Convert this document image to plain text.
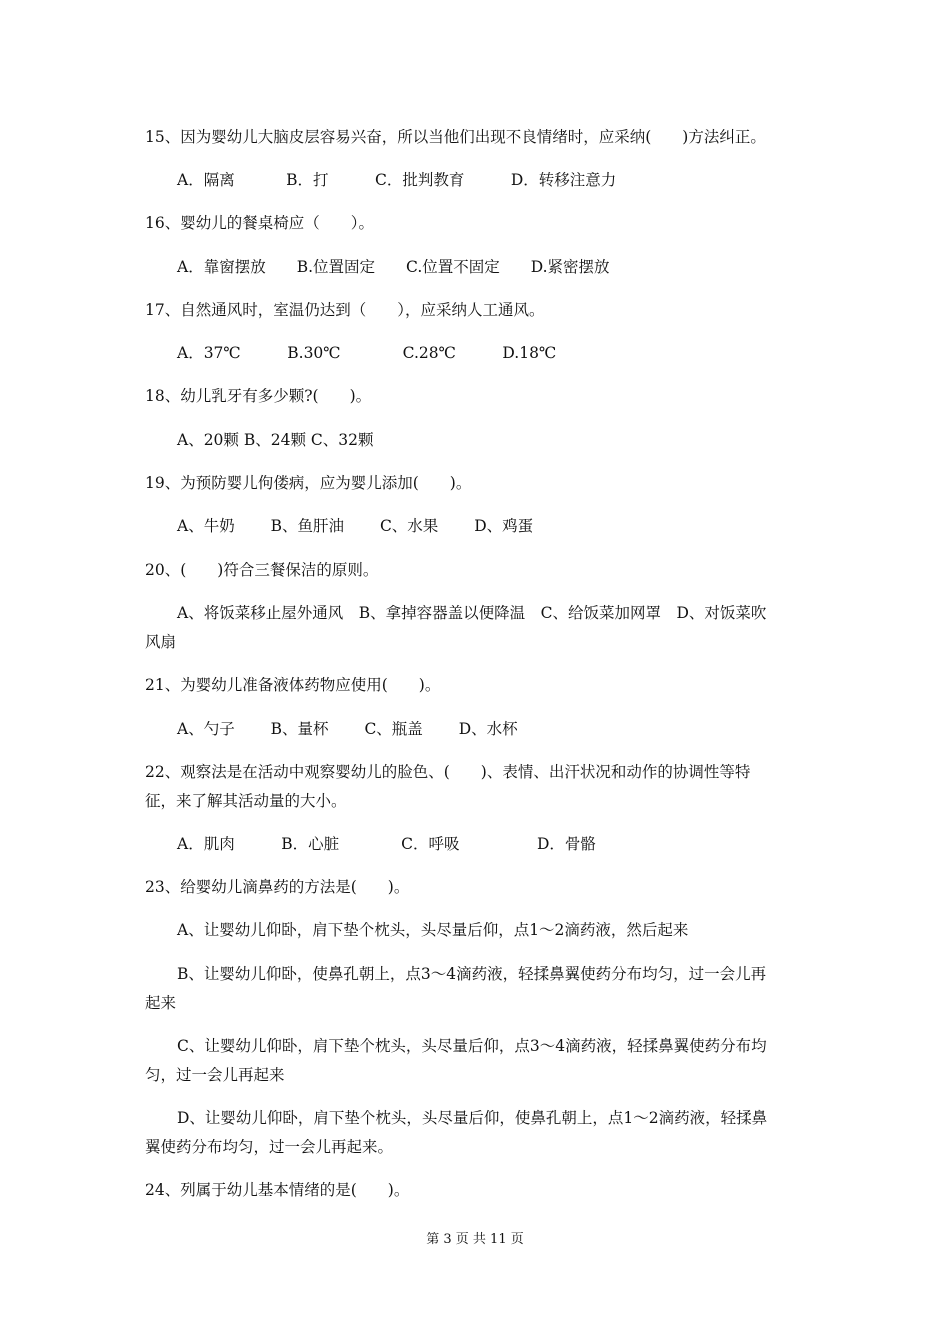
15、因为婴幼儿大脑皮层容易兴奋，所以当他们出现不良情绪时，应采纳(　　)方法纠正。
A．隔离　　　 B．打　　　C．批判教育　　　D．转移注意力
16、婴幼儿的餐桌椅应（　　）。
A．靠窗摆放　　B.位置固定　　C.位置不固定　　D.紧密摆放
17、自然通风时，室温仍达到（　　），应采纳人工通风。
A．37℃　　　B.30℃　　　　C.28℃　　　D.18℃
18、幼儿乳牙有多少颗?(　　)。
A、20颗 B、24颗 C、32颗
19、为预防婴儿佝偻病，应为婴儿添加(　　)。
A、牛奶　　 B、鱼肝油　　 C、水果　　 D、鸡蛋
20、(　　)符合三餐保洁的原则。
A、将饭菜移止屋外通风　B、拿掉容器盖以便降温　C、给饭菜加网罩　D、对饭菜吹
风扇
21、为婴幼儿准备液体药物应使用(　　)。
A、勺子　　 B、量杯　　 C、瓶盖　　 D、水杯
22、观察法是在活动中观察婴幼儿的脸色、(　　)、表情、出汗状况和动作的协调性等特
征，来了解其活动量的大小。
A．肌肉　　　B．心脏　　　　C．呼吸　　　　　D．骨骼
23、给婴幼儿滴鼻药的方法是(　　)。
A、让婴幼儿仰卧，肩下垫个枕头，头尽量后仰，点1～2滴药液，然后起来
B、让婴幼儿仰卧，使鼻孔朝上，点3～4滴药液，轻揉鼻翼使药分布均匀，过一会儿再
起来
C、让婴幼儿仰卧，肩下垫个枕头，头尽量后仰，点3～4滴药液，轻揉鼻翼使药分布均
匀，过一会儿再起来
D、让婴幼儿仰卧，肩下垫个枕头，头尽量后仰，使鼻孔朝上，点1～2滴药液，轻揉鼻
翼使药分布均匀，过一会儿再起来。
24、列属于幼儿基本情绪的是(　　)。
第 3 页 共 11 页
